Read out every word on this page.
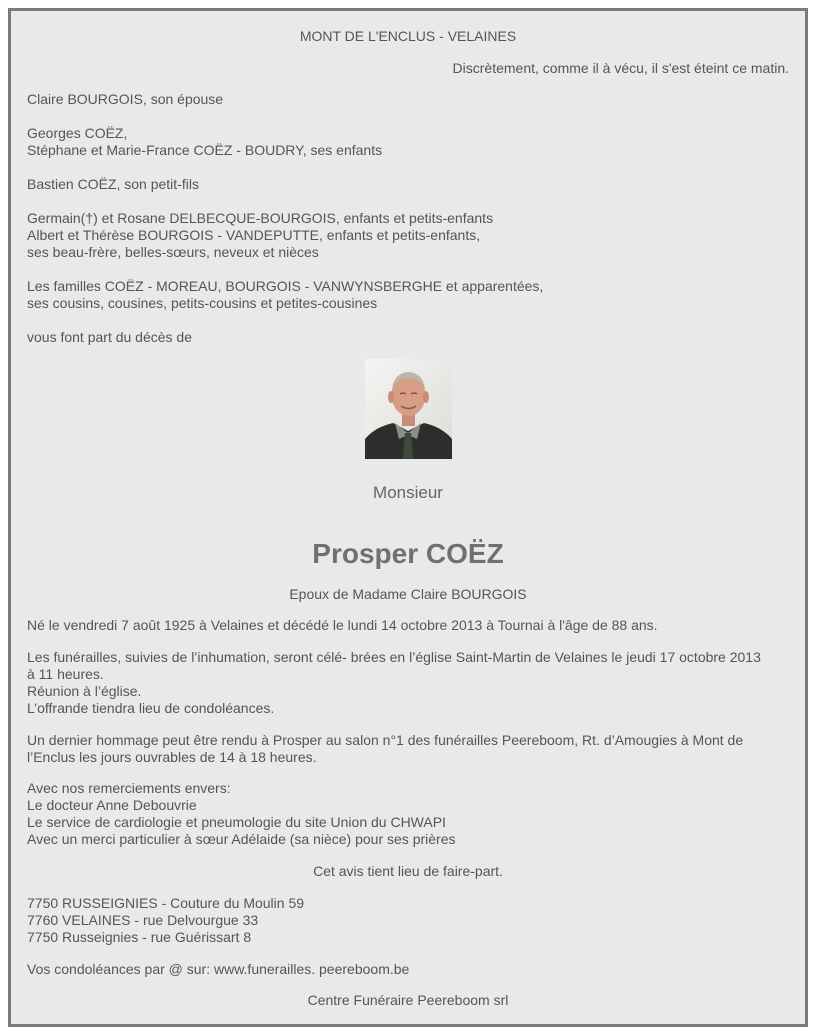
MONT DE L'ENCLUS - VELAINES
Discrètement, comme il à vécu, il s'est éteint ce matin.
Claire BOURGOIS, son épouse
Georges COËZ,
Stéphane et Marie-France COËZ - BOUDRY, ses enfants
Bastien COËZ, son petit-fils
Germain(†) et Rosane DELBECQUE-BOURGOIS, enfants et petits-enfants
Albert et Thérèse BOURGOIS - VANDEPUTTE, enfants et petits-enfants,
ses beau-frère, belles-sœurs, neveux et nièces
Les familles COËZ - MOREAU, BOURGOIS - VANWYNSBERGHE et apparentées,
ses cousins, cousines, petits-cousins et petites-cousines
vous font part du décès de
Monsieur
Prosper COËZ
Epoux de Madame Claire BOURGOIS
Né le vendredi 7 août 1925 à Velaines et décédé le lundi 14 octobre 2013 à Tournai à l'âge de 88 ans.
Les funérailles, suivies de l’inhumation, seront célé- brées en l’église Saint-Martin de Velaines le jeudi 17 octobre 2013
à 11 heures.
Réunion à l’église.
L’offrande tiendra lieu de condoléances.
Un dernier hommage peut être rendu à Prosper au salon n°1 des funérailles Peereboom, Rt. d’Amougies à Mont de
l’Enclus les jours ouvrables de 14 à 18 heures.
Avec nos remerciements envers:
Le docteur Anne Debouvrie
Le service de cardiologie et pneumologie du site Union du CHWAPI
Avec un merci particulier à sœur Adélaide (sa nièce) pour ses prières
Cet avis tient lieu de faire-part.
7750 RUSSEIGNIES - Couture du Moulin 59
7760 VELAINES - rue Delvourgue 33
7750 Russeignies - rue Guérissart 8
Vos condoléances par @ sur: www.funerailles. peereboom.be
Centre Funéraire Peereboom srl
